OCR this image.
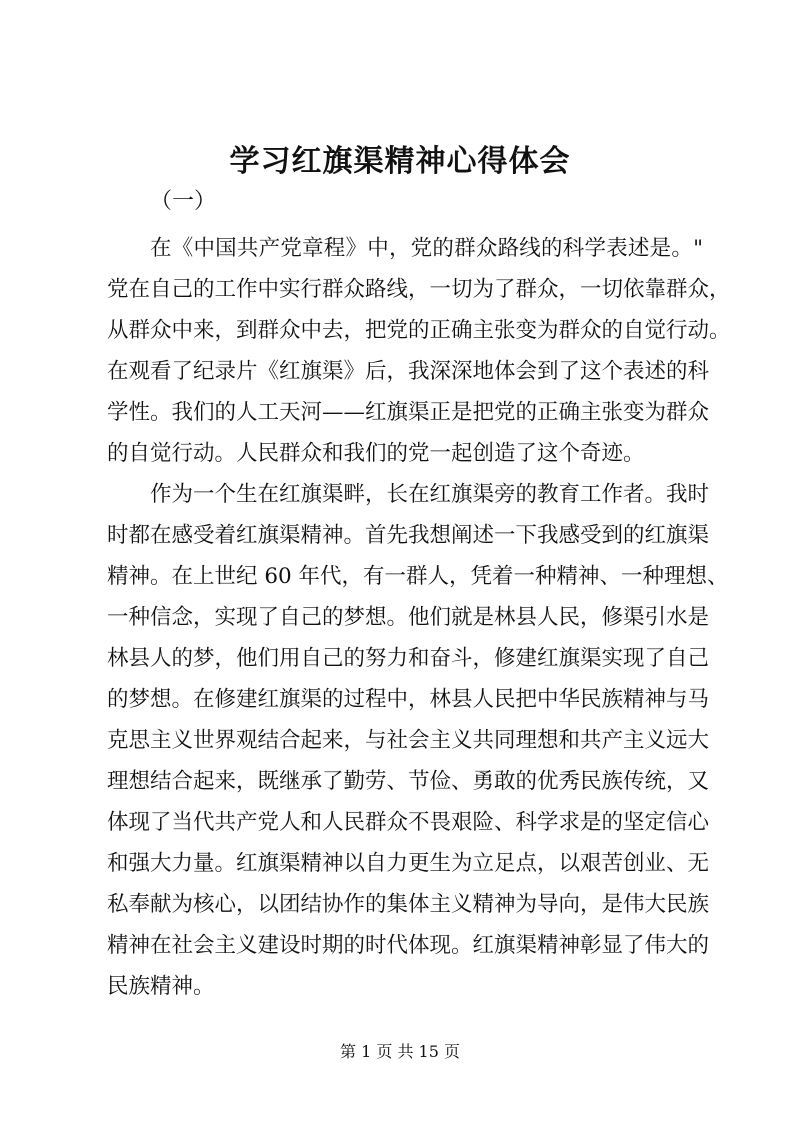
学习红旗渠精神心得体会
（一）
在《中国共产党章程》中，党的群众路线的科学表述是。"
党在自己的工作中实行群众路线，一切为了群众，一切依靠群众，
从群众中来，到群众中去，把党的正确主张变为群众的自觉行动。
在观看了纪录片《红旗渠》后，我深深地体会到了这个表述的科
学性。我们的人工天河——红旗渠正是把党的正确主张变为群众
的自觉行动。人民群众和我们的党一起创造了这个奇迹。
作为一个生在红旗渠畔，长在红旗渠旁的教育工作者。我时
时都在感受着红旗渠精神。首先我想阐述一下我感受到的红旗渠
精神。在上世纪 60 年代，有一群人，凭着一种精神、一种理想、
一种信念，实现了自己的梦想。他们就是林县人民，修渠引水是
林县人的梦，他们用自己的努力和奋斗，修建红旗渠实现了自己
的梦想。在修建红旗渠的过程中，林县人民把中华民族精神与马
克思主义世界观结合起来，与社会主义共同理想和共产主义远大
理想结合起来，既继承了勤劳、节俭、勇敢的优秀民族传统，又
体现了当代共产党人和人民群众不畏艰险、科学求是的坚定信心
和强大力量。红旗渠精神以自力更生为立足点，以艰苦创业、无
私奉献为核心，以团结协作的集体主义精神为导向，是伟大民族
精神在社会主义建设时期的时代体现。红旗渠精神彰显了伟大的
民族精神。
第 1 页 共 15 页
